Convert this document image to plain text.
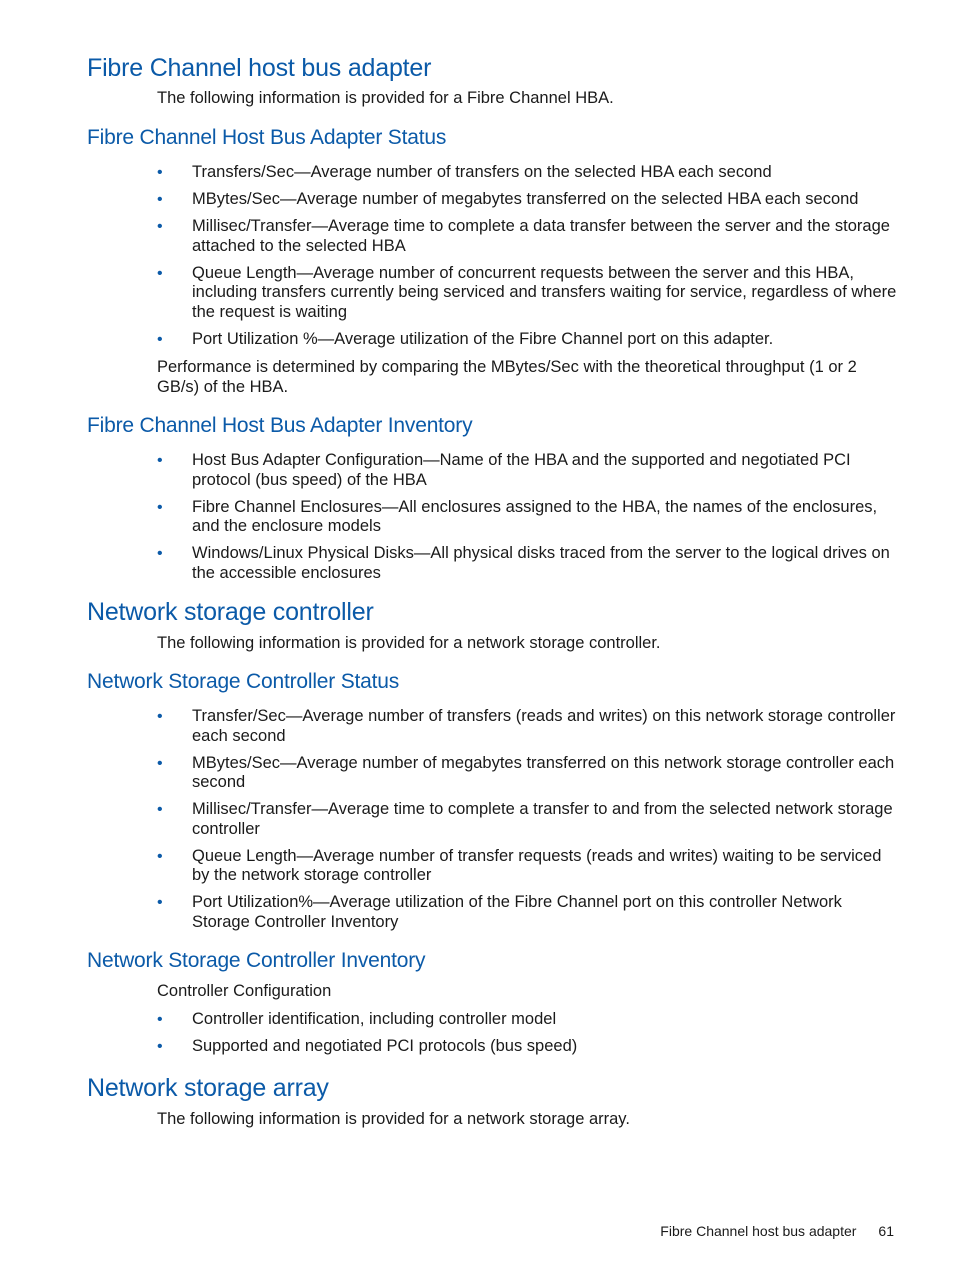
Fibre Channel host bus adapter

The following information is provided for a Fibre Channel HBA.

Fibre Channel Host Bus Adapter Status
• Transfers/Sec—Average number of transfers on the selected HBA each second
• MBytes/Sec—Average number of megabytes transferred on the selected HBA each second
• Millisec/Transfer—Average time to complete a data transfer between the server and the storage attached to the selected HBA
• Queue Length—Average number of concurrent requests between the server and this HBA, including transfers currently being serviced and transfers waiting for service, regardless of where the request is waiting
• Port Utilization %—Average utilization of the Fibre Channel port on this adapter.

Performance is determined by comparing the MBytes/Sec with the theoretical throughput (1 or 2 GB/s) of the HBA.

Fibre Channel Host Bus Adapter Inventory
• Host Bus Adapter Configuration—Name of the HBA and the supported and negotiated PCI protocol (bus speed) of the HBA
• Fibre Channel Enclosures—All enclosures assigned to the HBA, the names of the enclosures, and the enclosure models
• Windows/Linux Physical Disks—All physical disks traced from the server to the logical drives on the accessible enclosures
Network storage controller

The following information is provided for a network storage controller.

Network Storage Controller Status
• Transfer/Sec—Average number of transfers (reads and writes) on this network storage controller each second
• MBytes/Sec—Average number of megabytes transferred on this network storage controller each second
• Millisec/Transfer—Average time to complete a transfer to and from the selected network storage controller
• Queue Length—Average number of transfer requests (reads and writes) waiting to be serviced by the network storage controller
• Port Utilization%—Average utilization of the Fibre Channel port on this controller Network Storage Controller Inventory
Network Storage Controller Inventory

Controller Configuration

• Controller identification, including controller model
• Supported and negotiated PCI protocols (bus speed)
Network storage array

The following information is provided for a network storage array.

Fibre Channel host bus adapter 61
